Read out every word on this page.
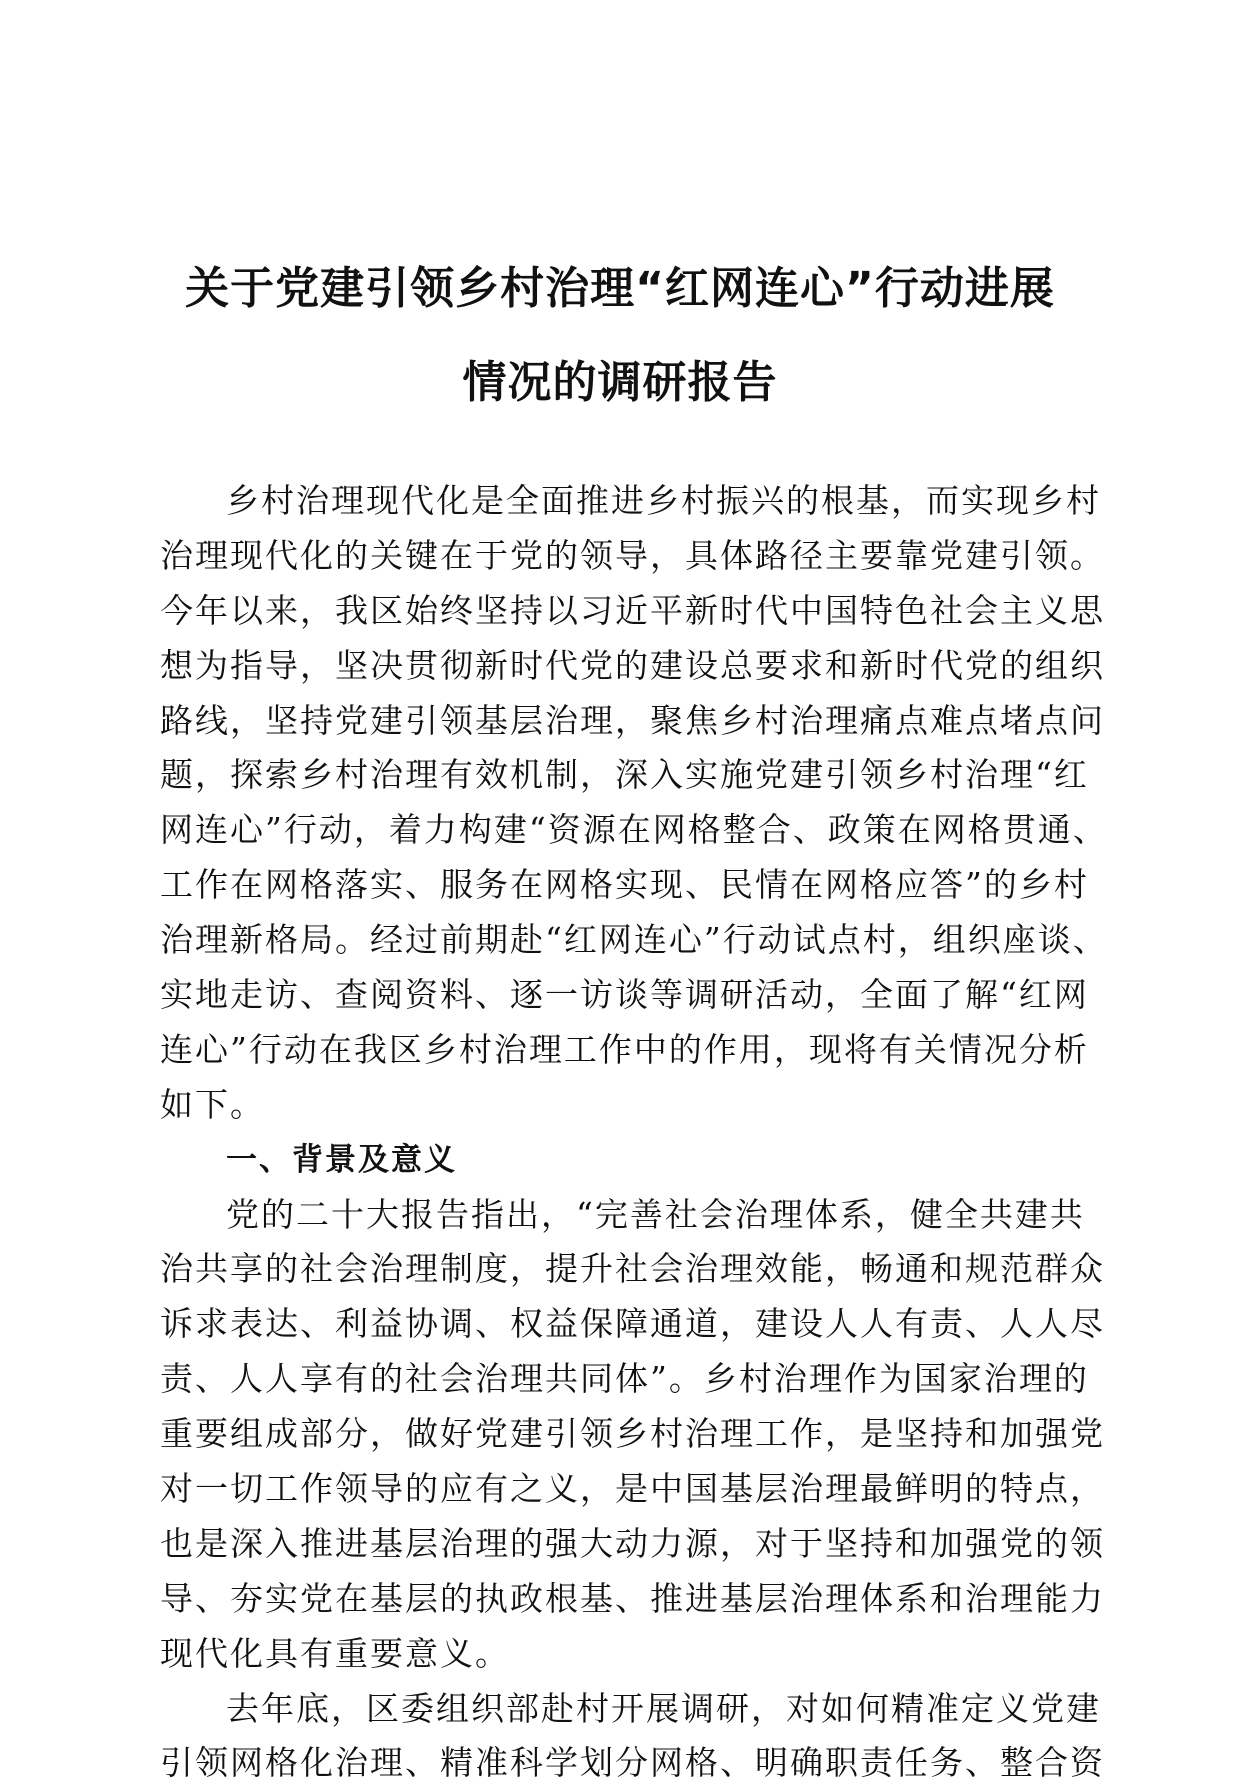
关于党建引领乡村治理“红网连心”行动进展
情况的调研报告
乡村治理现代化是全面推进乡村振兴的根基，而实现乡村
治理现代化的关键在于党的领导，具体路径主要靠党建引领。
今年以来，我区始终坚持以习近平新时代中国特色社会主义思
想为指导，坚决贯彻新时代党的建设总要求和新时代党的组织
路线，坚持党建引领基层治理，聚焦乡村治理痛点难点堵点问
题，探索乡村治理有效机制，深入实施党建引领乡村治理“红
网连心”行动，着力构建“资源在网格整合、政策在网格贯通、
工作在网格落实、服务在网格实现、民情在网格应答”的乡村
治理新格局。经过前期赴“红网连心”行动试点村，组织座谈、
实地走访、查阅资料、逐一访谈等调研活动，全面了解“红网
连心”行动在我区乡村治理工作中的作用，现将有关情况分析
如下。
一、背景及意义
党的二十大报告指出，“完善社会治理体系，健全共建共
治共享的社会治理制度，提升社会治理效能，畅通和规范群众
诉求表达、利益协调、权益保障通道，建设人人有责、人人尽
责、人人享有的社会治理共同体”。乡村治理作为国家治理的
重要组成部分，做好党建引领乡村治理工作，是坚持和加强党
对一切工作领导的应有之义，是中国基层治理最鲜明的特点，
也是深入推进基层治理的强大动力源，对于坚持和加强党的领
导、夯实党在基层的执政根基、推进基层治理体系和治理能力
现代化具有重要意义。
去年底，区委组织部赴村开展调研，对如何精准定义党建
引领网格化治理、精准科学划分网格、明确职责任务、整合资
